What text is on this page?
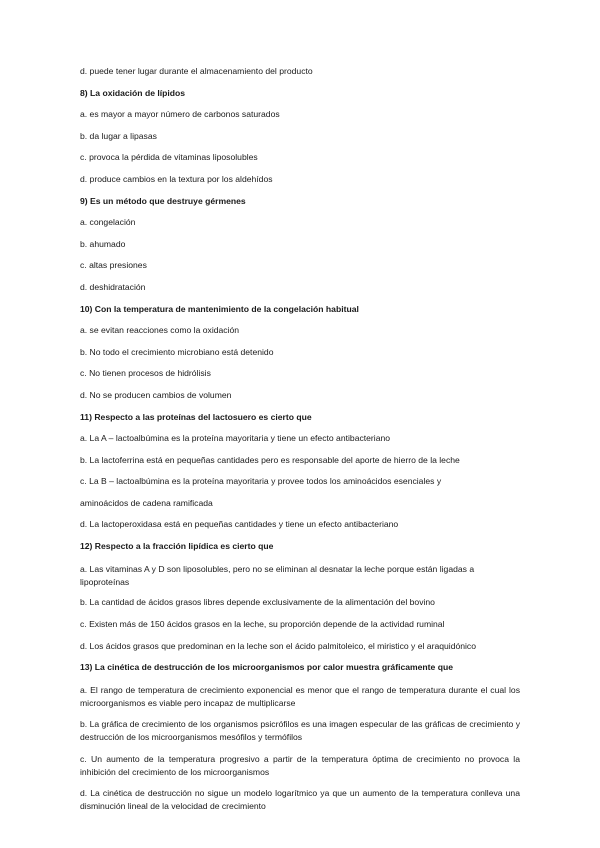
d. puede tener lugar durante el almacenamiento del producto
8) La oxidación de lípidos
a. es mayor a mayor número de carbonos saturados
b. da lugar a lipasas
c. provoca la pérdida de vitaminas liposolubles
d. produce cambios en la textura por los aldehídos
9) Es un método que destruye gérmenes
a. congelación
b. ahumado
c. altas presiones
d. deshidratación
10) Con la temperatura de mantenimiento de la congelación habitual
a. se evitan reacciones como la oxidación
b. No todo el crecimiento microbiano está detenido
c. No tienen procesos de hidrólisis
d. No se producen cambios de volumen
11) Respecto a las proteínas del lactosuero es cierto que
a. La A – lactoalbúmina es la proteína mayoritaria y tiene un efecto antibacteriano
b. La lactoferrina está en pequeñas cantidades pero es responsable del aporte de hierro de la leche
c. La B – lactoalbúmina es la proteína mayoritaria y provee todos los aminoácidos esenciales y
aminoácidos de cadena ramificada
d. La lactoperoxidasa está en pequeñas cantidades y tiene un efecto antibacteriano
12) Respecto a la fracción lipídica es cierto que
a. Las vitaminas A y D son liposolubles, pero no se eliminan al desnatar la leche porque están ligadas a lipoproteínas
b. La cantidad de ácidos grasos libres depende exclusivamente de la alimentación del bovino
c. Existen más de 150 ácidos grasos en la leche, su proporción depende de la actividad ruminal
d. Los ácidos grasos que predominan en la leche son el ácido palmitoleico, el miristico y el araquidónico
13) La cinética de destrucción de los microorganismos por calor muestra gráficamente que
a. El rango de temperatura de crecimiento exponencial es menor que el rango de temperatura durante el cual los microorganismos es viable pero incapaz de multiplicarse
b. La gráfica de crecimiento de los organismos psicrófilos es una imagen especular de las gráficas de crecimiento y destrucción de los microorganismos mesófilos y termófilos
c. Un aumento de la temperatura progresivo a partir de la temperatura óptima de crecimiento no provoca la inhibición del crecimiento de los microorganismos
d. La cinética de destrucción no sigue un modelo logarítmico ya que un aumento de la temperatura conlleva una disminución lineal de la velocidad de crecimiento
